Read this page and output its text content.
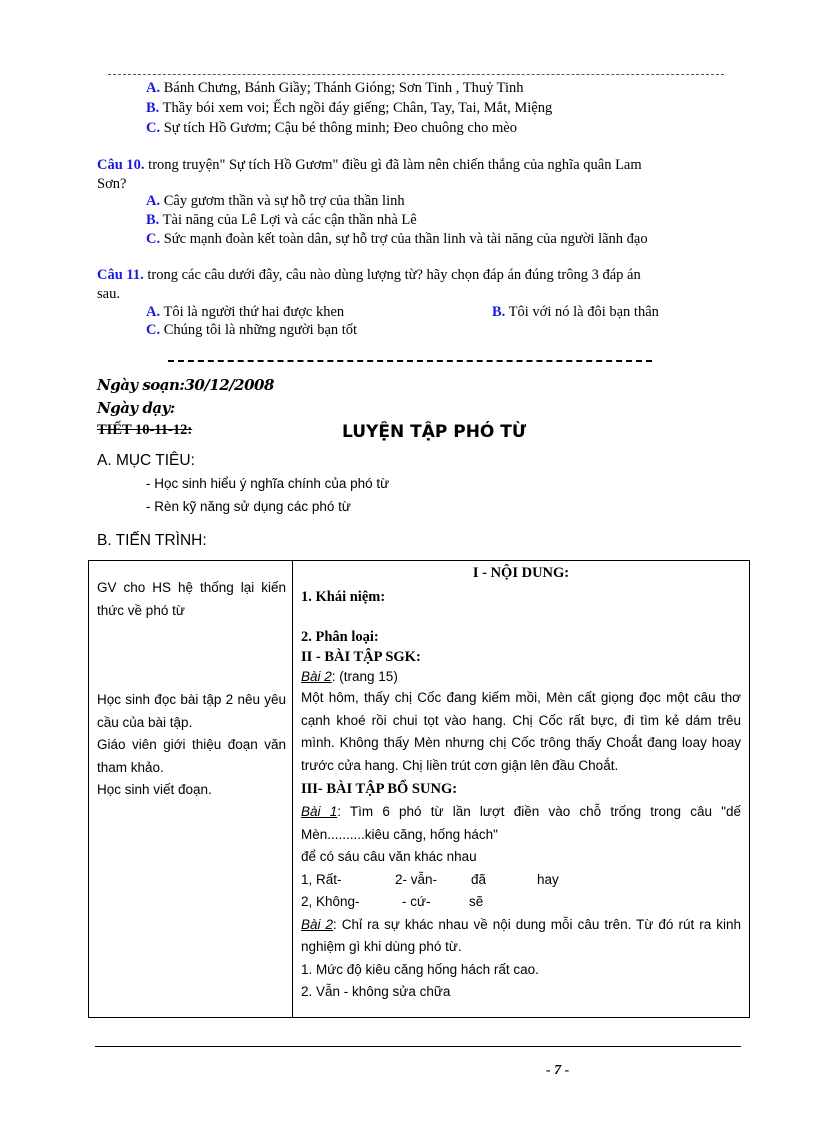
A. Bánh Chưng, Bánh Giầy; Thánh Gióng; Sơn Tinh , Thuỷ Tinh
B. Thầy bói xem voi; Ếch ngồi đáy giếng; Chân, Tay, Tai, Mắt, Miệng
C. Sự tích Hồ Gươm; Cậu bé thông minh; Đeo chuông cho mèo
Câu 10. trong truyện" Sự tích Hồ Gươm" điều gì đã làm nên chiến thắng của nghĩa quân Lam
Sơn?
A. Cây gươm thần và sự hỗ trợ của thần linh
B. Tài năng của Lê Lợi và các cận thần nhà Lê
C. Sức mạnh đoàn kết toàn dân, sự hỗ trợ của thần linh và tài năng của người lãnh đạo
Câu 11. trong các câu dưới đây, câu nào dùng lượng từ? hãy chọn đáp án đúng trông 3 đáp án
sau.
A. Tôi là người thứ hai được khen	B. Tôi với nó là đôi bạn thân
C. Chúng tôi là những người bạn tốt
Ngày soạn:30/12/2008
Ngày dạy:
TIẾT 10-11-12:	LUYỆN TẬP PHÓ TỪ
A. MỤC TIÊU:
- Học sinh hiểu ý nghĩa chính của phó từ
- Rèn kỹ năng sử dụng các phó từ
B. TIẾN TRÌNH:
GV cho HS hệ thống lại kiến thức về phó từ
Học sinh đọc bài tập 2 nêu yêu cầu của bài tập.
Giáo viên giới thiệu đoạn văn tham khảo.
Học sinh viết đoạn.

I - NỘI DUNG:
1. Khái niệm:
2. Phân loại:
II - BÀI TẬP SGK:
Bài 2: (trang 15)
Một hôm, thấy chị Cốc đang kiếm mồi, Mèn cất giọng đọc một câu thơ cạnh khoé rồi chui tọt vào hang. Chị Cốc rất bực, đi tìm kẻ dám trêu mình. Không thấy Mèn nhưng chị Cốc trông thấy Choắt đang loay hoay trước cửa hang. Chị liền trút cơn giận lên đầu Choắt.
III- BÀI TẬP BỔ SUNG:
Bài 1: Tìm 6 phó từ lần lượt điền vào chỗ trống trong câu "dế Mèn..........kiêu căng, hống hách"
để có sáu câu văn khác nhau
1, Rất-	2- vẫn-	đã	hay
2, Không-	- cứ-	sẽ
Bài 2: Chỉ ra sự khác nhau về nội dung mỗi câu trên. Từ đó rút ra kinh nghiệm gì khi dùng phó từ.
1. Mức độ kiêu căng hống hách rất cao.
2. Vẫn - không sửa chữa
- 7 -
